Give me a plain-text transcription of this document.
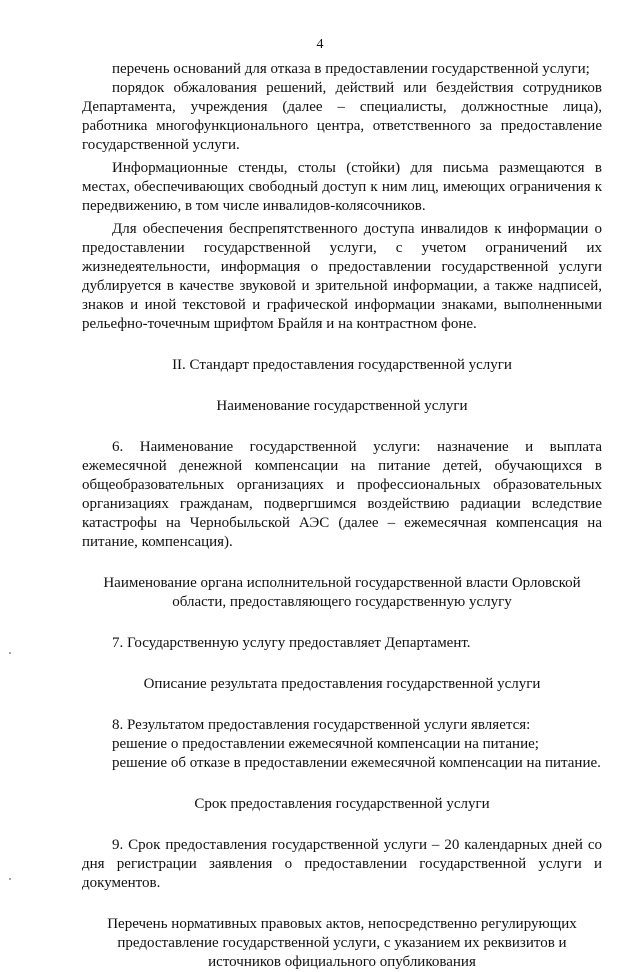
4

перечень оснований для отказа в предоставлении государственной услуги;

порядок обжалования решений, действий или бездействия сотрудников Департамента, учреждения (далее – специалисты, должностные лица), работника многофункционального центра, ответственного за предоставление государственной услуги.

Информационные стенды, столы (стойки) для письма размещаются в местах, обеспечивающих свободный доступ к ним лиц, имеющих ограничения к передвижению, в том числе инвалидов-колясочников.

Для обеспечения беспрепятственного доступа инвалидов к информации о предоставлении государственной услуги, с учетом ограничений их жизнедеятельности, информация о предоставлении государственной услуги дублируется в качестве звуковой и зрительной информации, а также надписей, знаков и иной текстовой и графической информации знаками, выполненными рельефно-точечным шрифтом Брайля и на контрастном фоне.

II. Стандарт предоставления государственной услуги

Наименование государственной услуги

6. Наименование государственной услуги: назначение и выплата ежемесячной денежной компенсации на питание детей, обучающихся в общеобразовательных организациях и профессиональных образовательных организациях гражданам, подвергшимся воздействию радиации вследствие катастрофы на Чернобыльской АЭС (далее – ежемесячная компенсация на питание, компенсация).

Наименование органа исполнительной государственной власти Орловской области, предоставляющего государственную услугу

7. Государственную услугу предоставляет Департамент.

Описание результата предоставления государственной услуги

8. Результатом предоставления государственной услуги является:

решение о предоставлении ежемесячной компенсации на питание;

решение об отказе в предоставлении ежемесячной компенсации на питание.

Срок предоставления государственной услуги

9. Срок предоставления государственной услуги – 20 календарных дней со дня регистрации заявления о предоставлении государственной услуги и документов.

Перечень нормативных правовых актов, непосредственно регулирующих предоставление государственной услуги, с указанием их реквизитов и источников официального опубликования
